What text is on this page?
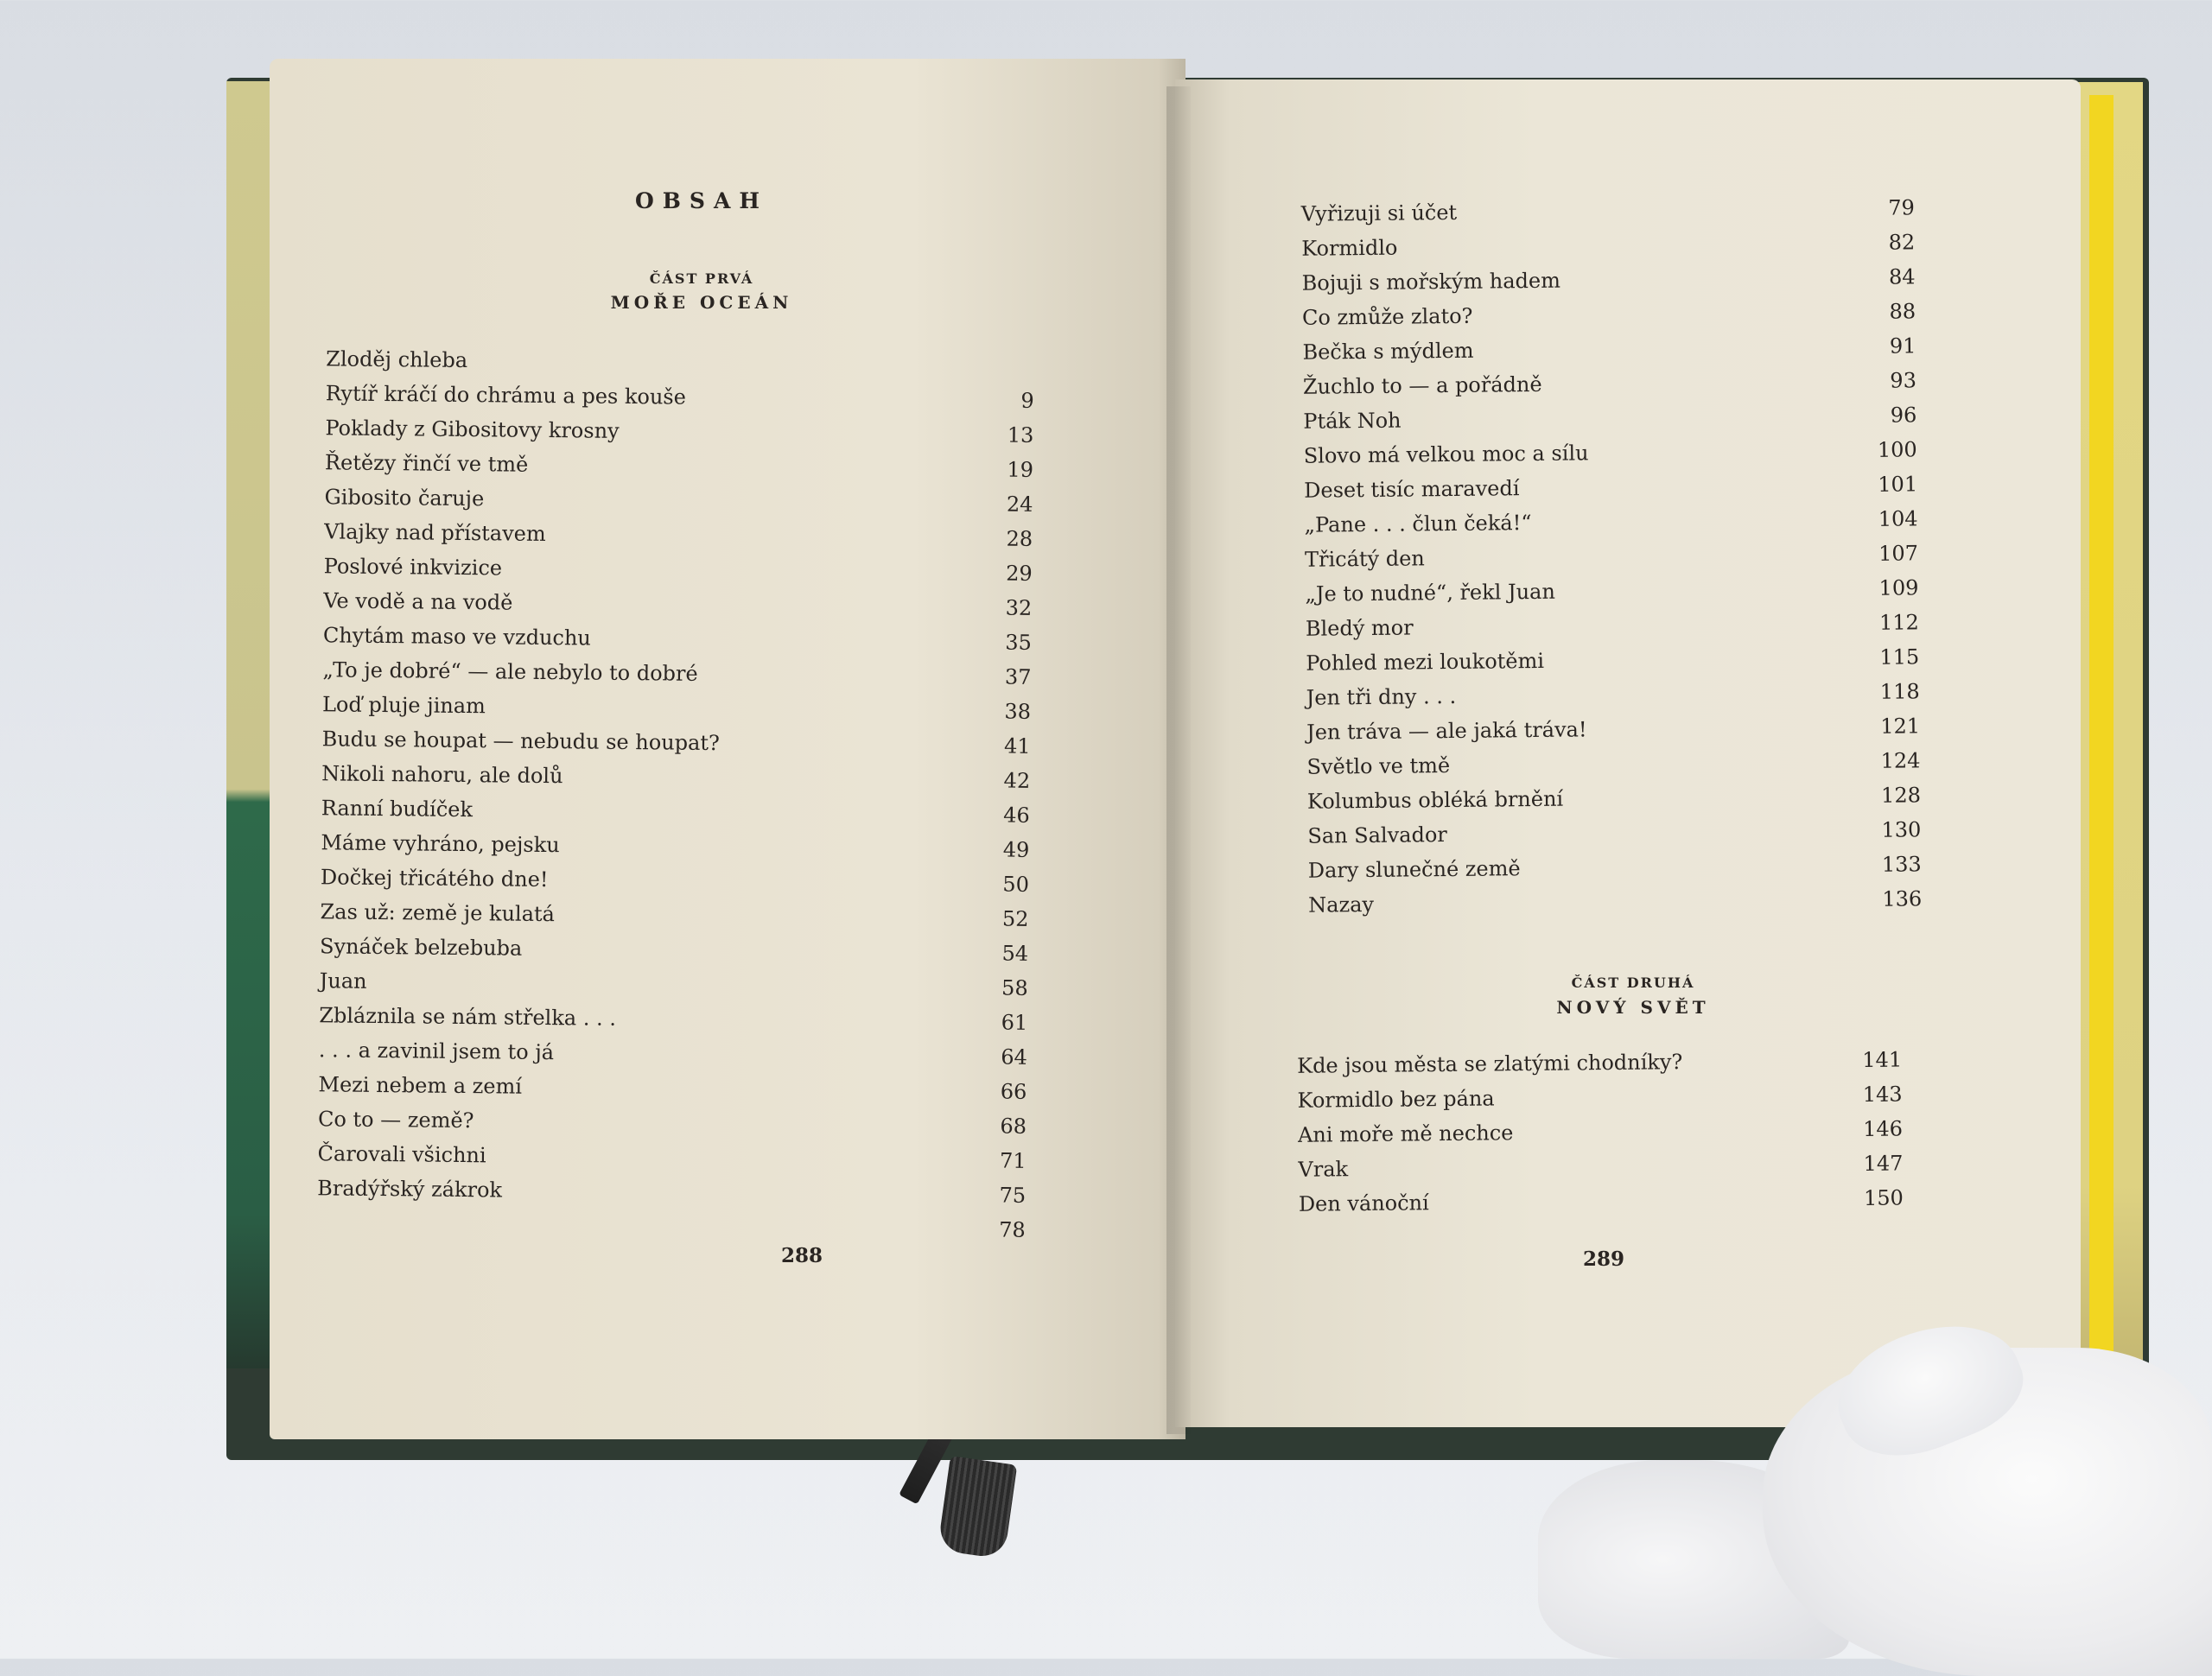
OBSAH
ČÁST PRVÁ
MOŘE OCEÁN
Zloděj chleba
Rytíř kráčí do chrámu a pes kouše	9
Poklady z Gibositovy krosny	13
Řetězy řinčí ve tmě	19
Gibosito čaruje	24
Vlajky nad přístavem	28
Poslové inkvizice	29
Ve vodě a na vodě	32
Chytám maso ve vzduchu	35
„To je dobré“ — ale nebylo to dobré	37
Loď pluje jinam	38
Budu se houpat — nebudu se houpat?	41
Nikoli nahoru, ale dolů	42
Ranní budíček	46
Máme vyhráno, pejsku	49
Dočkej třicátého dne!	50
Zas už: země je kulatá	52
Synáček belzebuba	54
Juan	58
Zbláznila se nám střelka . . .	61
. . . a zavinil jsem to já	64
Mezi nebem a zemí	66
Co to — země?	68
Čarovali všichni	71
Bradýřský zákrok	75
78
288
Vyřizuji si účet	79
Kormidlo	82
Bojuji s mořským hadem	84
Co zmůže zlato?	88
Bečka s mýdlem	91
Žuchlo to — a pořádně	93
Pták Noh	96
Slovo má velkou moc a sílu	100
Deset tisíc maravedí	101
„Pane . . . člun čeká!“	104
Třicátý den	107
„Je to nudné“, řekl Juan	109
Bledý mor	112
Pohled mezi loukotěmi	115
Jen tři dny . . .	118
Jen tráva — ale jaká tráva!	121
Světlo ve tmě	124
Kolumbus obléká brnění	128
San Salvador	130
Dary slunečné země	133
Nazay	136
ČÁST DRUHÁ
NOVÝ SVĚT
Kde jsou města se zlatými chodníky?	141
Kormidlo bez pána	143
Ani moře mě nechce	146
Vrak	147
Den vánoční	150
289
